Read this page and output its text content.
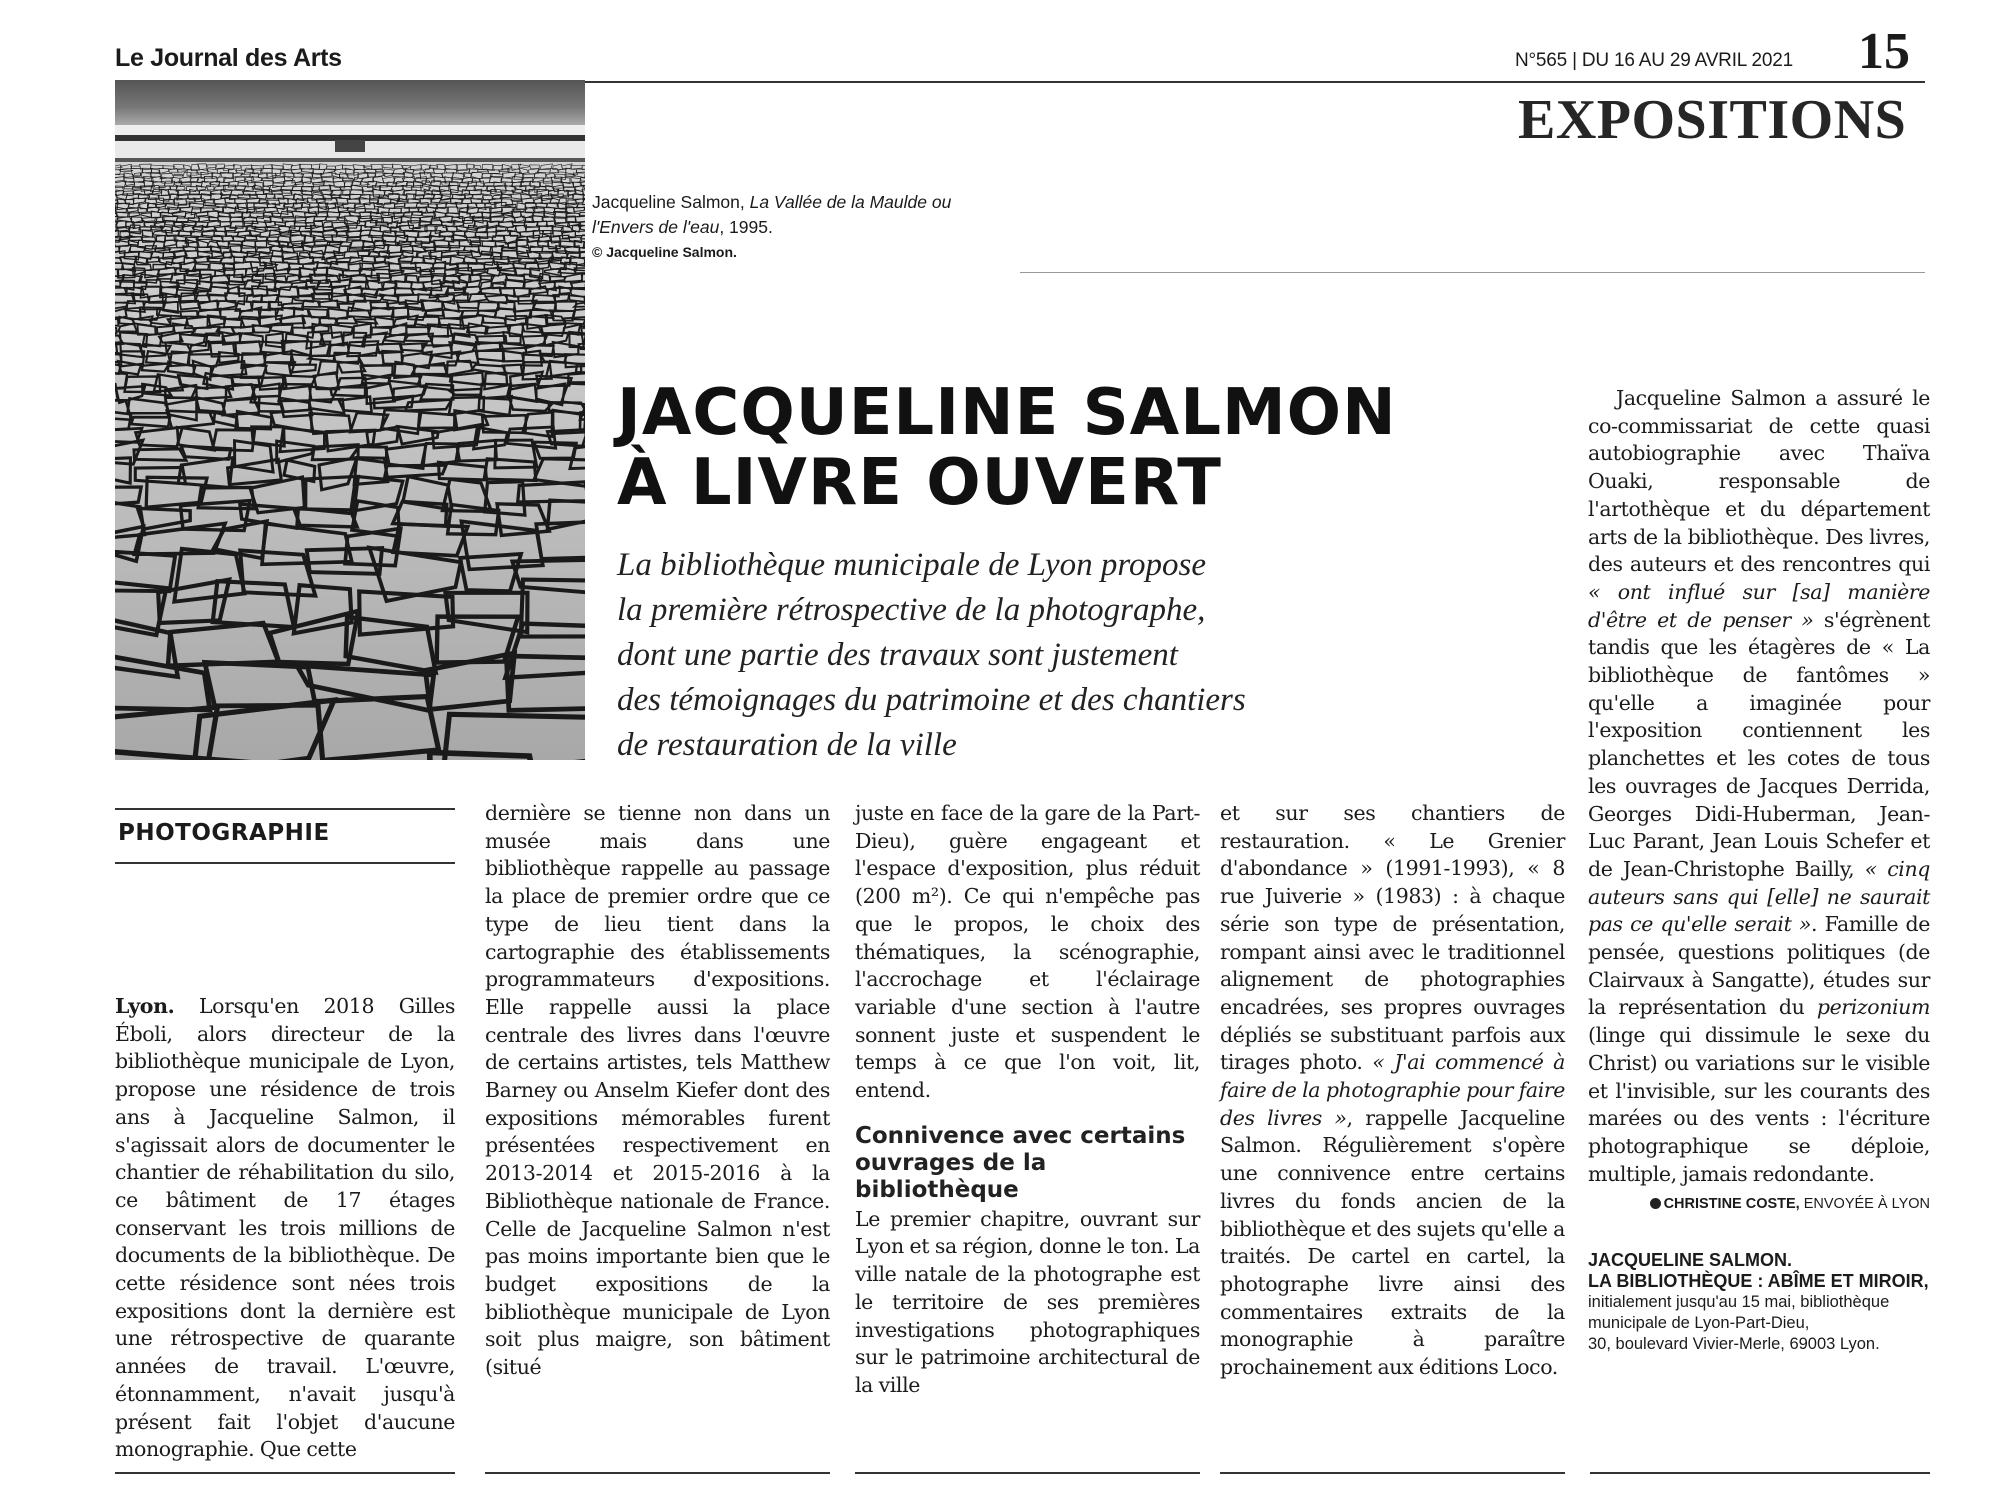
Le Journal des Arts	N°565 | DU 16 AU 29 AVRIL 2021 15
EXPOSITIONS
Jacqueline Salmon, La Vallée de la Maulde ou l'Envers de l'eau, 1995.
© Jacqueline Salmon.
JACQUELINE SALMON
À LIVRE OUVERT
La bibliothèque municipale de Lyon propose
la première rétrospective de la photographe,
dont une partie des travaux sont justement
des témoignages du patrimoine et des chantiers
de restauration de la ville
PHOTOGRAPHIE

Lyon. Lorsqu'en 2018 Gilles Éboli, alors directeur de la bibliothèque municipale de Lyon, propose une résidence de trois ans à Jacqueline Salmon, il s'agissait alors de documenter le chantier de réhabilitation du silo, ce bâtiment de 17 étages conservant les trois millions de documents de la bibliothèque. De cette résidence sont nées trois expositions dont la dernière est une rétrospective de quarante années de travail. L'œuvre, étonnamment, n'avait jusqu'à présent fait l'objet d'aucune monographie. Que cette

dernière se tienne non dans un musée mais dans une bibliothèque rappelle au passage la place de premier ordre que ce type de lieu tient dans la cartographie des établissements programmateurs d'expositions. Elle rappelle aussi la place centrale des livres dans l'œuvre de certains artistes, tels Matthew Barney ou Anselm Kiefer dont des expositions mémorables furent présentées respectivement en 2013-2014 et 2015-2016 à la Bibliothèque nationale de France. Celle de Jacqueline Salmon n'est pas moins importante bien que le budget expositions de la bibliothèque municipale de Lyon soit plus maigre, son bâtiment (situé

juste en face de la gare de la Part-Dieu), guère engageant et l'espace d'exposition, plus réduit (200 m²). Ce qui n'empêche pas que le propos, le choix des thématiques, la scénographie, l'accrochage et l'éclairage variable d'une section à l'autre sonnent juste et suspendent le temps à ce que l'on voit, lit, entend.

Connivence avec certains ouvrages de la bibliothèque

Le premier chapitre, ouvrant sur Lyon et sa région, donne le ton. La ville natale de la photographe est le territoire de ses premières investigations photographiques sur le patrimoine architectural de la ville

et sur ses chantiers de restauration. « Le Grenier d'abondance » (1991-1993), « 8 rue Juiverie » (1983) : à chaque série son type de présentation, rompant ainsi avec le traditionnel alignement de photographies encadrées, ses propres ouvrages dépliés se substituant parfois aux tirages photo. « J'ai commencé à faire de la photographie pour faire des livres », rappelle Jacqueline Salmon. Régulièrement s'opère une connivence entre certains livres du fonds ancien de la bibliothèque et des sujets qu'elle a traités. De cartel en cartel, la photographe livre ainsi des commentaires extraits de la monographie à paraître prochainement aux éditions Loco.

Jacqueline Salmon a assuré le co-commissariat de cette quasi autobiographie avec Thaïva Ouaki, responsable de l'artothèque et du département arts de la bibliothèque. Des livres, des auteurs et des rencontres qui « ont influé sur [sa] manière d'être et de penser » s'égrènent tandis que les étagères de « La bibliothèque de fantômes » qu'elle a imaginée pour l'exposition contiennent les planchettes et les cotes de tous les ouvrages de Jacques Derrida, Georges Didi-Huberman, Jean-Luc Parant, Jean Louis Schefer et de Jean-Christophe Bailly, « cinq auteurs sans qui [elle] ne saurait pas ce qu'elle serait ». Famille de pensée, questions politiques (de Clairvaux à Sangatte), études sur la représentation du perizonium (linge qui dissimule le sexe du Christ) ou variations sur le visible et l'invisible, sur les courants des marées ou des vents : l'écriture photographique se déploie, multiple, jamais redondante.

CHRISTINE COSTE, ENVOYÉE À LYON
JACQUELINE SALMON.
LA BIBLIOTHÈQUE : ABÎME ET MIROIR,
initialement jusqu'au 15 mai, bibliothèque
municipale de Lyon-Part-Dieu,
30, boulevard Vivier-Merle, 69003 Lyon.
